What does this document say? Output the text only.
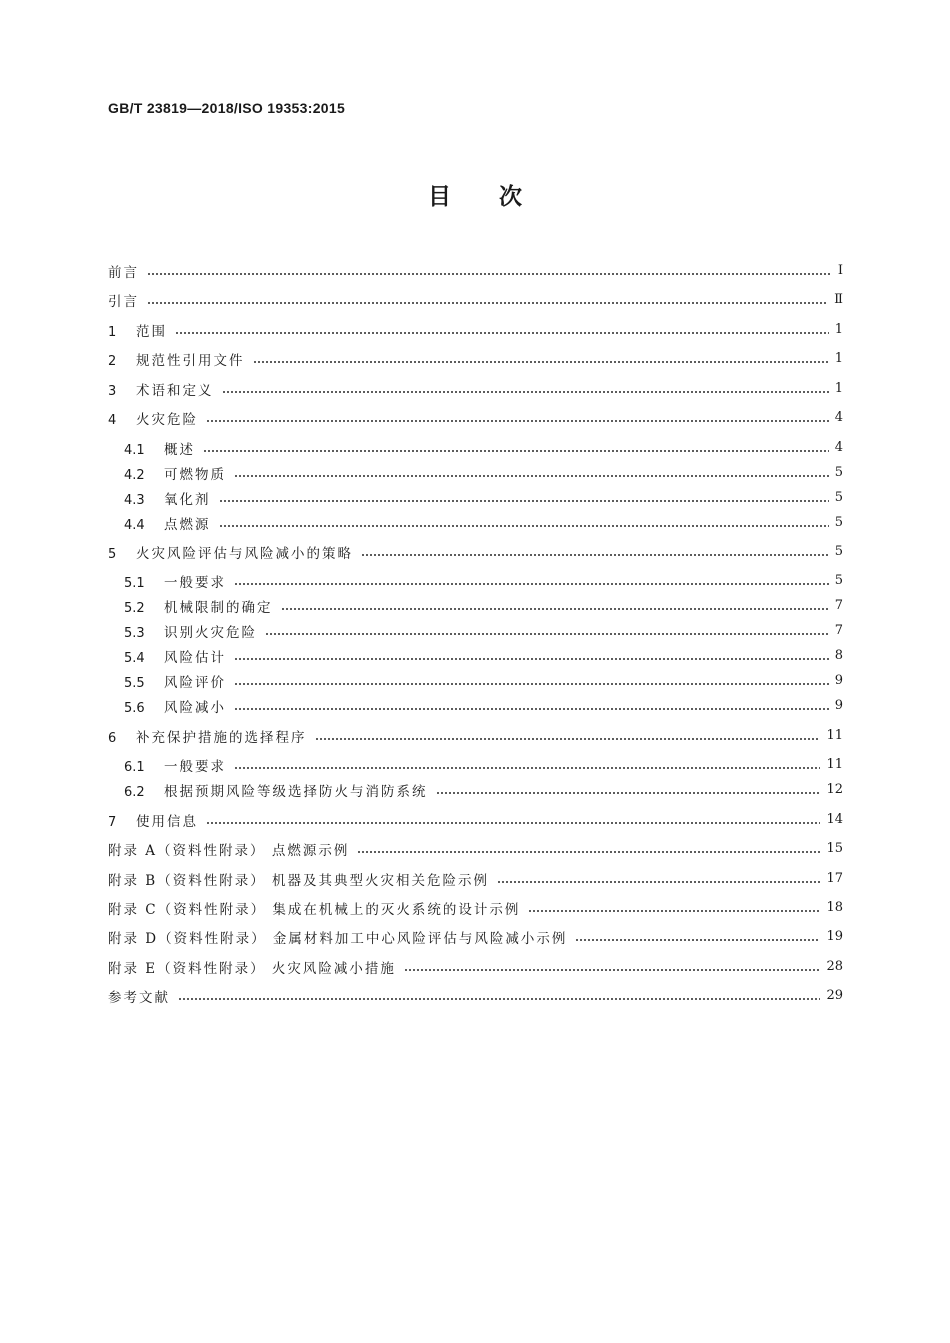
GB/T 23819—2018/ISO 19353:2015
目次
前言	Ⅰ
引言	Ⅱ
1 范围	1
2 规范性引用文件	1
3 术语和定义	1
4 火灾危险	4
4.1 概述	4
4.2 可燃物质	5
4.3 氧化剂	5
4.4 点燃源	5
5 火灾风险评估与风险减小的策略	5
5.1 一般要求	5
5.2 机械限制的确定	7
5.3 识别火灾危险	7
5.4 风险估计	8
5.5 风险评价	9
5.6 风险减小	9
6 补充保护措施的选择程序	11
6.1 一般要求	11
6.2 根据预期风险等级选择防火与消防系统	12
7 使用信息	14
附录 A（资料性附录） 点燃源示例	15
附录 B（资料性附录） 机器及其典型火灾相关危险示例	17
附录 C（资料性附录） 集成在机械上的灭火系统的设计示例	18
附录 D（资料性附录） 金属材料加工中心风险评估与风险减小示例	19
附录 E（资料性附录） 火灾风险减小措施	28
参考文献	29
